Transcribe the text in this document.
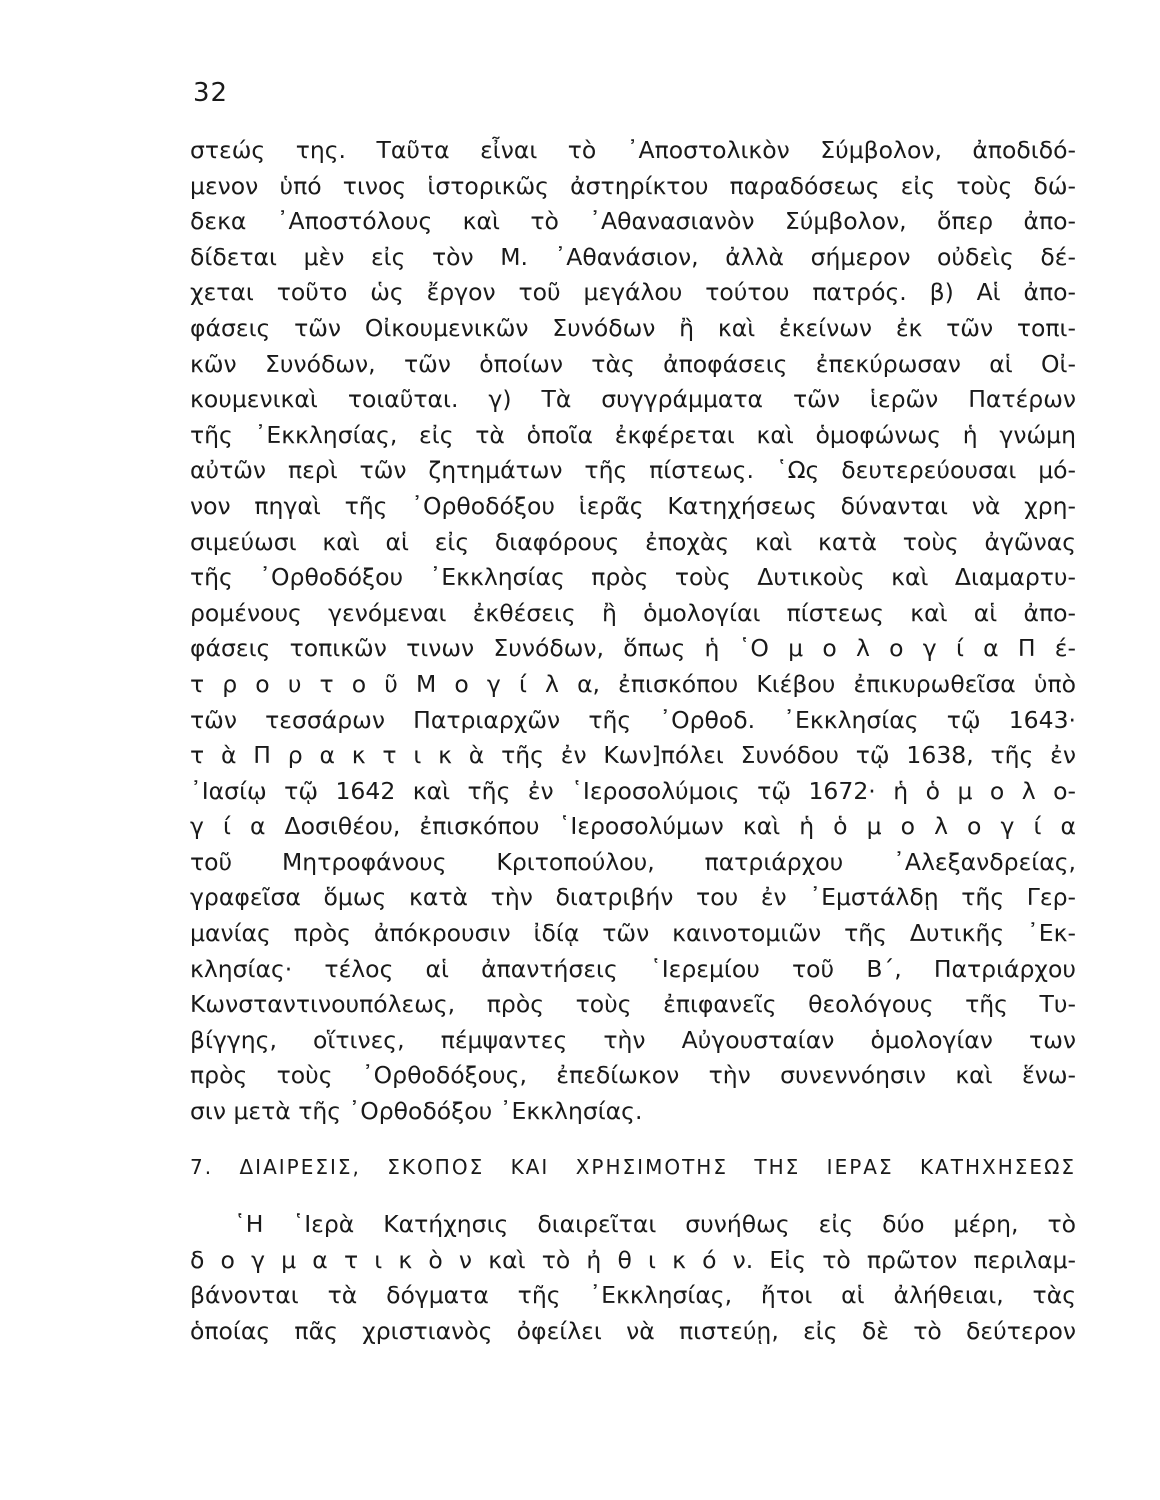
32
στεώς της. Ταῦτα εἶναι τὸ ᾽Αποστολικὸν Σύμβολον, ἀποδιδό-
μενον ὑπό τινος ἱστορικῶς ἀστηρίκτου παραδόσεως εἰς τοὺς δώ-
δεκα ᾽Αποστόλους καὶ τὸ ᾽Αθανασιανὸν Σύμβολον, ὅπερ ἀπο-
δίδεται μὲν εἰς τὸν Μ. ᾽Αθανάσιον, ἀλλὰ σήμερον οὐδεὶς δέ-
χεται τοῦτο ὡς ἔργον τοῦ μεγάλου τούτου πατρός. β) Αἱ ἀπο-
φάσεις τῶν Οἰκουμενικῶν Συνόδων ἢ καὶ ἐκείνων ἐκ τῶν τοπι-
κῶν Συνόδων, τῶν ὁποίων τὰς ἀποφάσεις ἐπεκύρωσαν αἱ Οἰ-
κουμενικαὶ τοιαῦται. γ) Τὰ συγγράμματα τῶν ἱερῶν Πατέρων
τῆς ᾽Εκκλησίας, εἰς τὰ ὁποῖα ἐκφέρεται καὶ ὁμοφώνως ἡ γνώμη
αὐτῶν περὶ τῶν ζητημάτων τῆς πίστεως. ῾Ως δευτερεύουσαι μό-
νον πηγαὶ τῆς ᾽Ορθοδόξου ἱερᾶς Κατηχήσεως δύνανται νὰ χρη-
σιμεύωσι καὶ αἱ εἰς διαφόρους ἐποχὰς καὶ κατὰ τοὺς ἀγῶνας
τῆς ᾽Ορθοδόξου ᾽Εκκλησίας πρὸς τοὺς Δυτικοὺς καὶ Διαμαρτυ-
ρομένους γενόμεναι ἐκθέσεις ἢ ὁμολογίαι πίστεως καὶ αἱ ἀπο-
φάσεις τοπικῶν τινων Συνόδων, ὅπως ἡ ῾Ο μ ο λ ο γ ί α Π έ-
τ ρ ο υ τ ο ῦ Μ ο γ ί λ α, ἐπισκόπου Κιέβου ἐπικυρωθεῖσα ὑπὸ
τῶν τεσσάρων Πατριαρχῶν τῆς ᾽Ορθοδ. ᾽Εκκλησίας τῷ 1643·
τ ὰ Π ρ α κ τ ι κ ὰ τῆς ἐν Κων]πόλει Συνόδου τῷ 1638, τῆς ἐν
᾽Ιασίῳ τῷ 1642 καὶ τῆς ἐν ῾Ιεροσολύμοις τῷ 1672· ἡ ὁ μ ο λ ο-
γ ί α Δοσιθέου, ἐπισκόπου ῾Ιεροσολύμων καὶ ἡ ὁ μ ο λ ο γ ί α
τοῦ Μητροφάνους Κριτοπούλου, πατριάρχου ᾽Αλεξανδρείας,
γραφεῖσα ὅμως κατὰ τὴν διατριβήν του ἐν ᾽Εμστάλδῃ τῆς Γερ-
μανίας πρὸς ἀπόκρουσιν ἰδίᾳ τῶν καινοτομιῶν τῆς Δυτικῆς ᾽Εκ-
κλησίας· τέλος αἱ ἀπαντήσεις ῾Ιερεμίου τοῦ Β΄, Πατριάρχου
Κωνσταντινουπόλεως, πρὸς τοὺς ἐπιφανεῖς θεολόγους τῆς Τυ-
βίγγης, οἵτινες, πέμψαντες τὴν Αὐγουσταίαν ὁμολογίαν των
πρὸς τοὺς ᾽Ορθοδόξους, ἐπεδίωκον τὴν συνεννόησιν καὶ ἕνω-
σιν μετὰ τῆς ᾽Ορθοδόξου ᾽Εκκλησίας.
7. ΔΙΑΙΡΕΣΙΣ, ΣΚΟΠΟΣ ΚΑΙ ΧΡΗΣΙΜΟΤΗΣ ΤΗΣ ΙΕΡΑΣ ΚΑΤΗΧΗΣΕΩΣ
῾Η ῾Ιερὰ Κατήχησις διαιρεῖται συνήθως εἰς δύο μέρη, τὸ
δ ο γ μ α τ ι κ ὸ ν καὶ τὸ ἠ θ ι κ ό ν. Εἰς τὸ πρῶτον περιλαμ-
βάνονται τὰ δόγματα τῆς ᾽Εκκλησίας, ἤτοι αἱ ἀλήθειαι, τὰς
ὁποίας πᾶς χριστιανὸς ὀφείλει νὰ πιστεύῃ, εἰς δὲ τὸ δεύτερον
